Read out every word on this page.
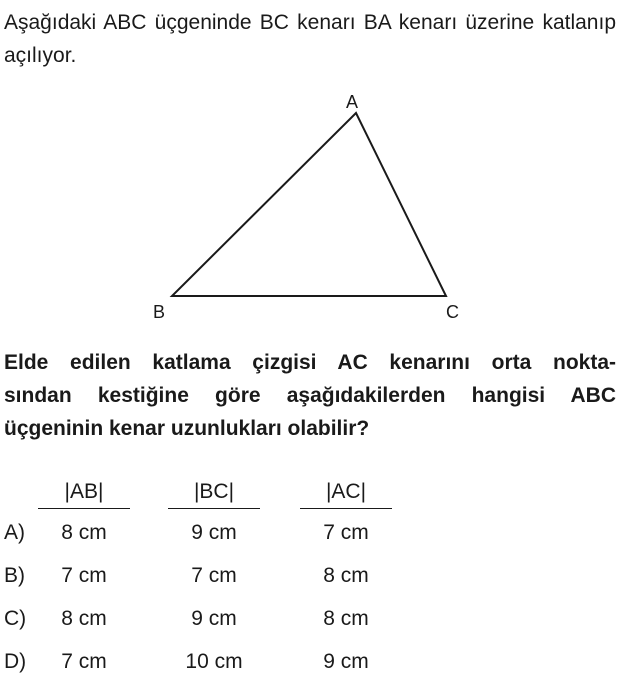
Aşağıdaki ABC üçgeninde BC kenarı BA kenarı üzerine katlanıp açılıyor.

A
B	C
Elde edilen katlama çizgisi AC kenarını orta nokta-
sından kestiğine göre aşağıdakilerden hangisi ABC
üçgeninin kenar uzunlukları olabilir?
|AB|	|BC|	|AC|
A)	8 cm	9 cm	7 cm
B)	7 cm	7 cm	8 cm
C)	8 cm	9 cm	8 cm
D)	7 cm	10 cm	9 cm
